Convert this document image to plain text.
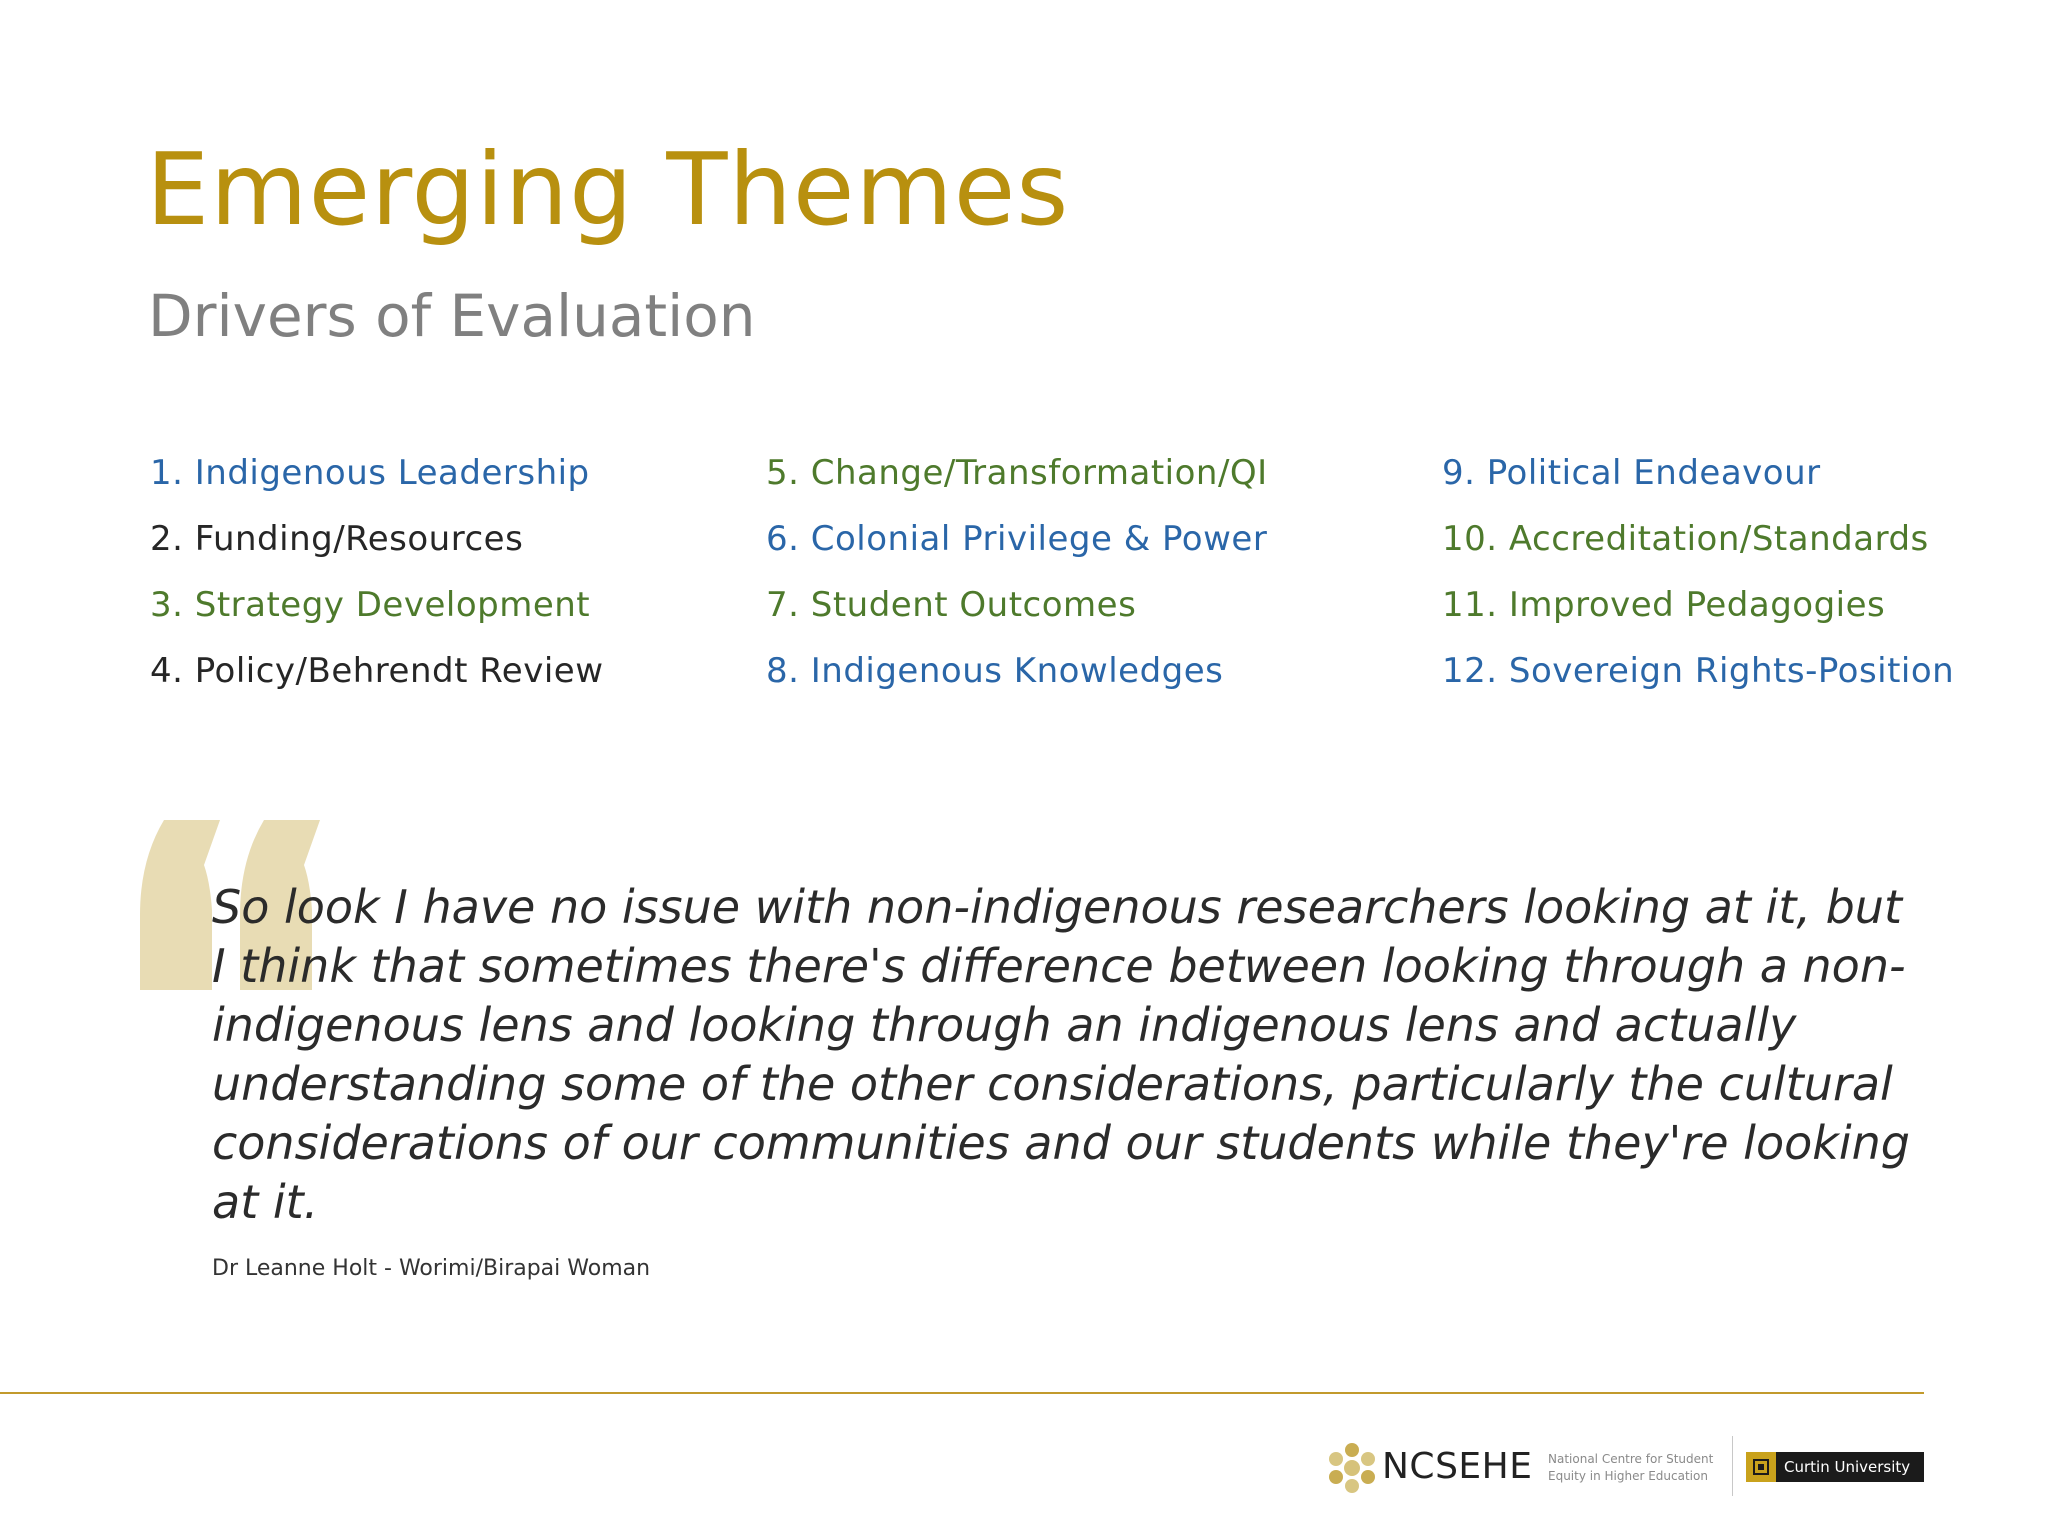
Emerging Themes
Drivers of Evaluation
1. Indigenous Leadership
2. Funding/Resources
3. Strategy Development
4. Policy/Behrendt Review
5. Change/Transformation/QI
6. Colonial Privilege & Power
7. Student Outcomes
8. Indigenous Knowledges
9. Political Endeavour
10. Accreditation/Standards
11. Improved Pedagogies
12. Sovereign Rights-Position
So look I have no issue with non-indigenous researchers looking at it, but I think that sometimes there's difference between looking through a non-indigenous lens and looking through an indigenous lens and actually understanding some of the other considerations, particularly the cultural considerations of our communities and our students while they're looking at it.
Dr Leanne Holt - Worimi/Birapai Woman
NCSEHE National Centre for Student
Equity in Higher Education	Curtin University
